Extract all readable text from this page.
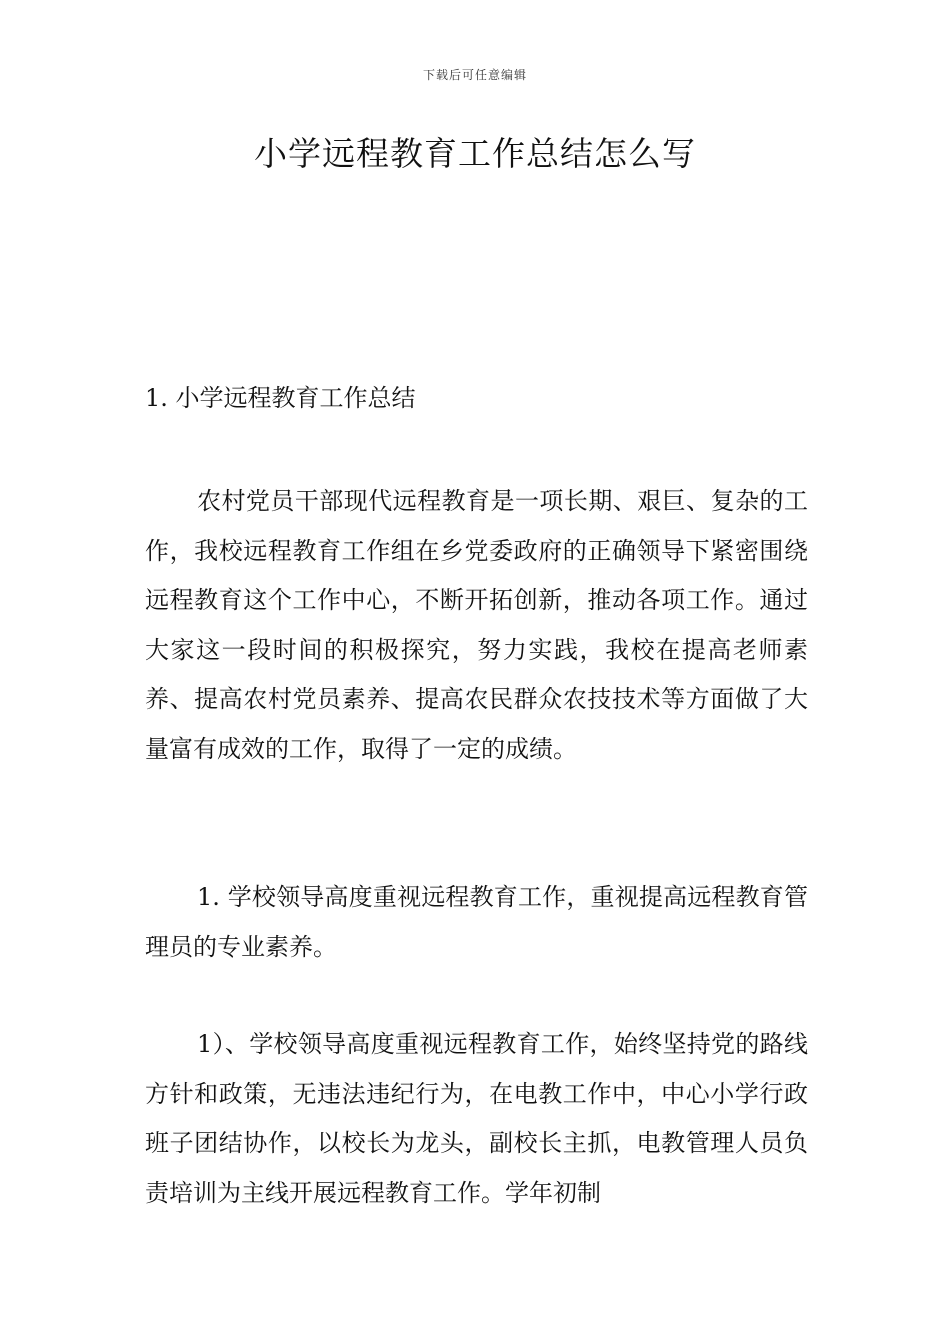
下载后可任意编辑
小学远程教育工作总结怎么写
1. 小学远程教育工作总结

农村党员干部现代远程教育是一项长期、艰巨、复杂的工作，我校远程教育工作组在乡党委政府的正确领导下紧密围绕远程教育这个工作中心，不断开拓创新，推动各项工作。通过大家这一段时间的积极探究，努力实践，我校在提高老师素养、提高农村党员素养、提高农民群众农技技术等方面做了大量富有成效的工作，取得了一定的成绩。

1. 学校领导高度重视远程教育工作，重视提高远程教育管理员的专业素养。

1）、学校领导高度重视远程教育工作，始终坚持党的路线方针和政策，无违法违纪行为，在电教工作中，中心小学行政班子团结协作，以校长为龙头，副校长主抓，电教管理人员负责培训为主线开展远程教育工作。学年初制
